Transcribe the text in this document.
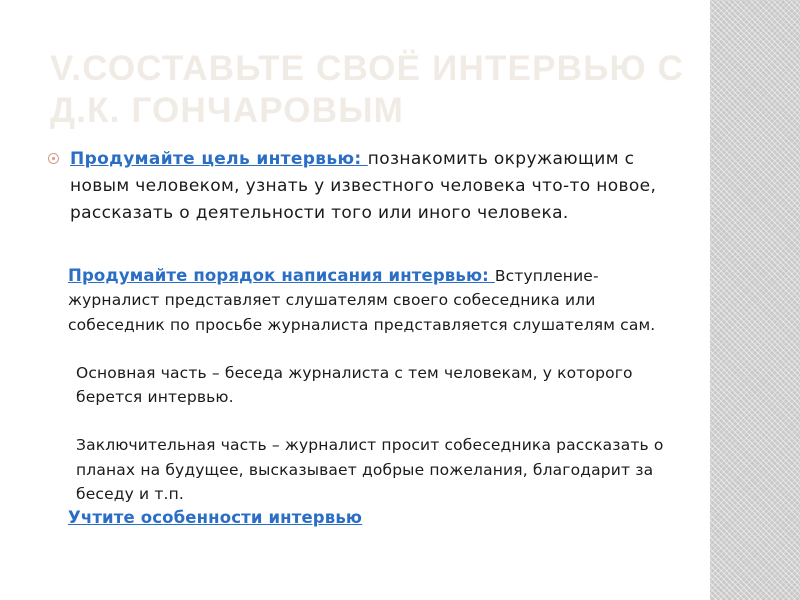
V.СОСТАВЬТЕ СВОЁ ИНТЕРВЬЮ С Д.К. ГОНЧАРОВЫМ

Продумайте цель интервью: познакомить окружающим с новым человеком, узнать у известного человека что-то новое, рассказать о деятельности того или иного человека.

Продумайте порядок написания интервью: Вступление-журналист представляет слушателям своего собеседника или собеседник по просьбе журналиста представляется слушателям сам.

Основная часть – беседа журналиста с тем человекам, у которого берется интервью.

Заключительная часть – журналист просит собеседника рассказать о планах на будущее, высказывает добрые пожелания, благодарит за беседу и т.п.

Учтите особенности интервью
